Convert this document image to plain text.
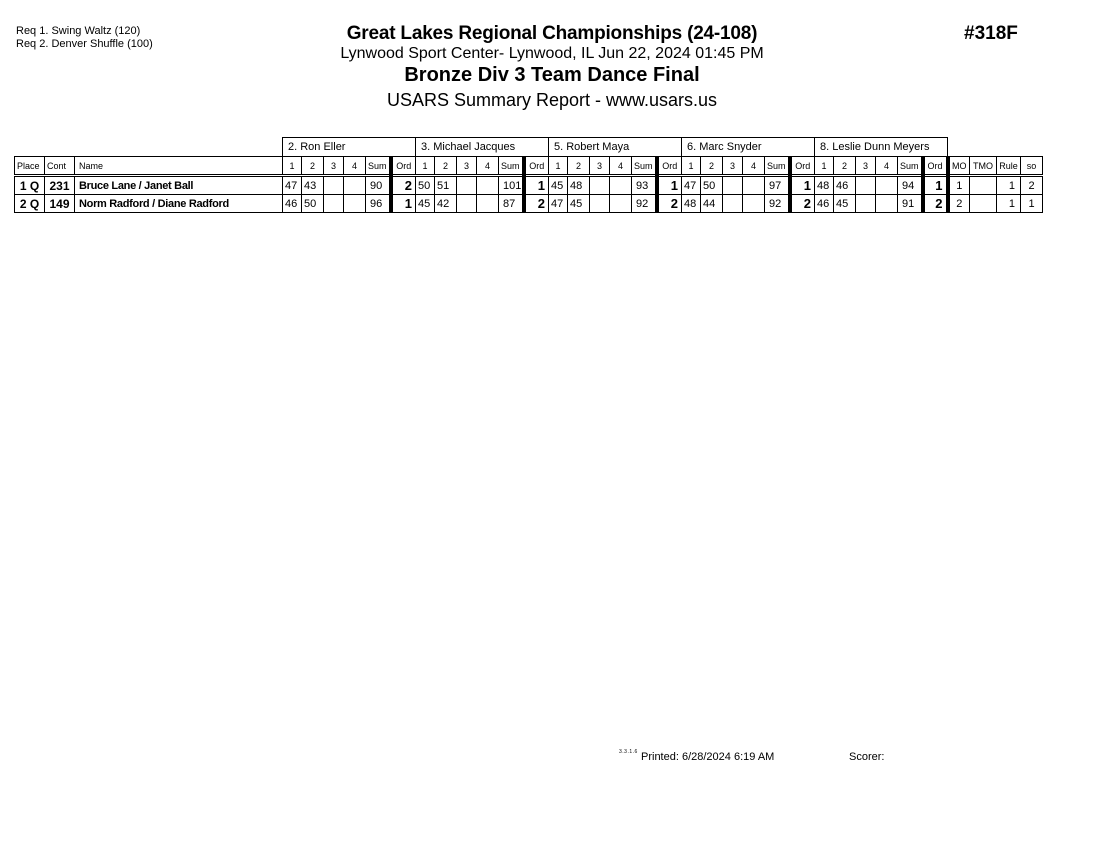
Req 1. Swing Waltz (120)
Req 2. Denver Shuffle (100)	Great Lakes Regional Championships (24-108)
Lynwood Sport Center- Lynwood, IL Jun 22, 2024 01:45 PM
Bronze Div 3 Team Dance Final
USARS Summary Report - www.usars.us
#318F
			2. Ron Eller						3. Michael Jacques						5. Robert Maya						6. Marc Snyder						8. Leslie Dunn Meyers									
Place	Cont	Name	1	2	3	4	Sum	Ord	1	2	3	4	Sum	Ord	1	2	3	4	Sum	Ord	1	2	3	4	Sum	Ord	1	2	3	4	Sum	Ord	MO	TMO	Rule	so
1 Q	231	Bruce Lane / Janet Ball	47	43			90	2	50	51			101	1	45	48			93	1	47	50			97	1	48	46			94	1	1		1	2
2 Q	149	Norm Radford / Diane Radford	46	50			96	1	45	42			87	2	47	45			92	2	48	44			92	2	46	45			91	2	2		1	1
3.3.1.6 Printed: 6/28/2024 6:19 AM	Scorer:
